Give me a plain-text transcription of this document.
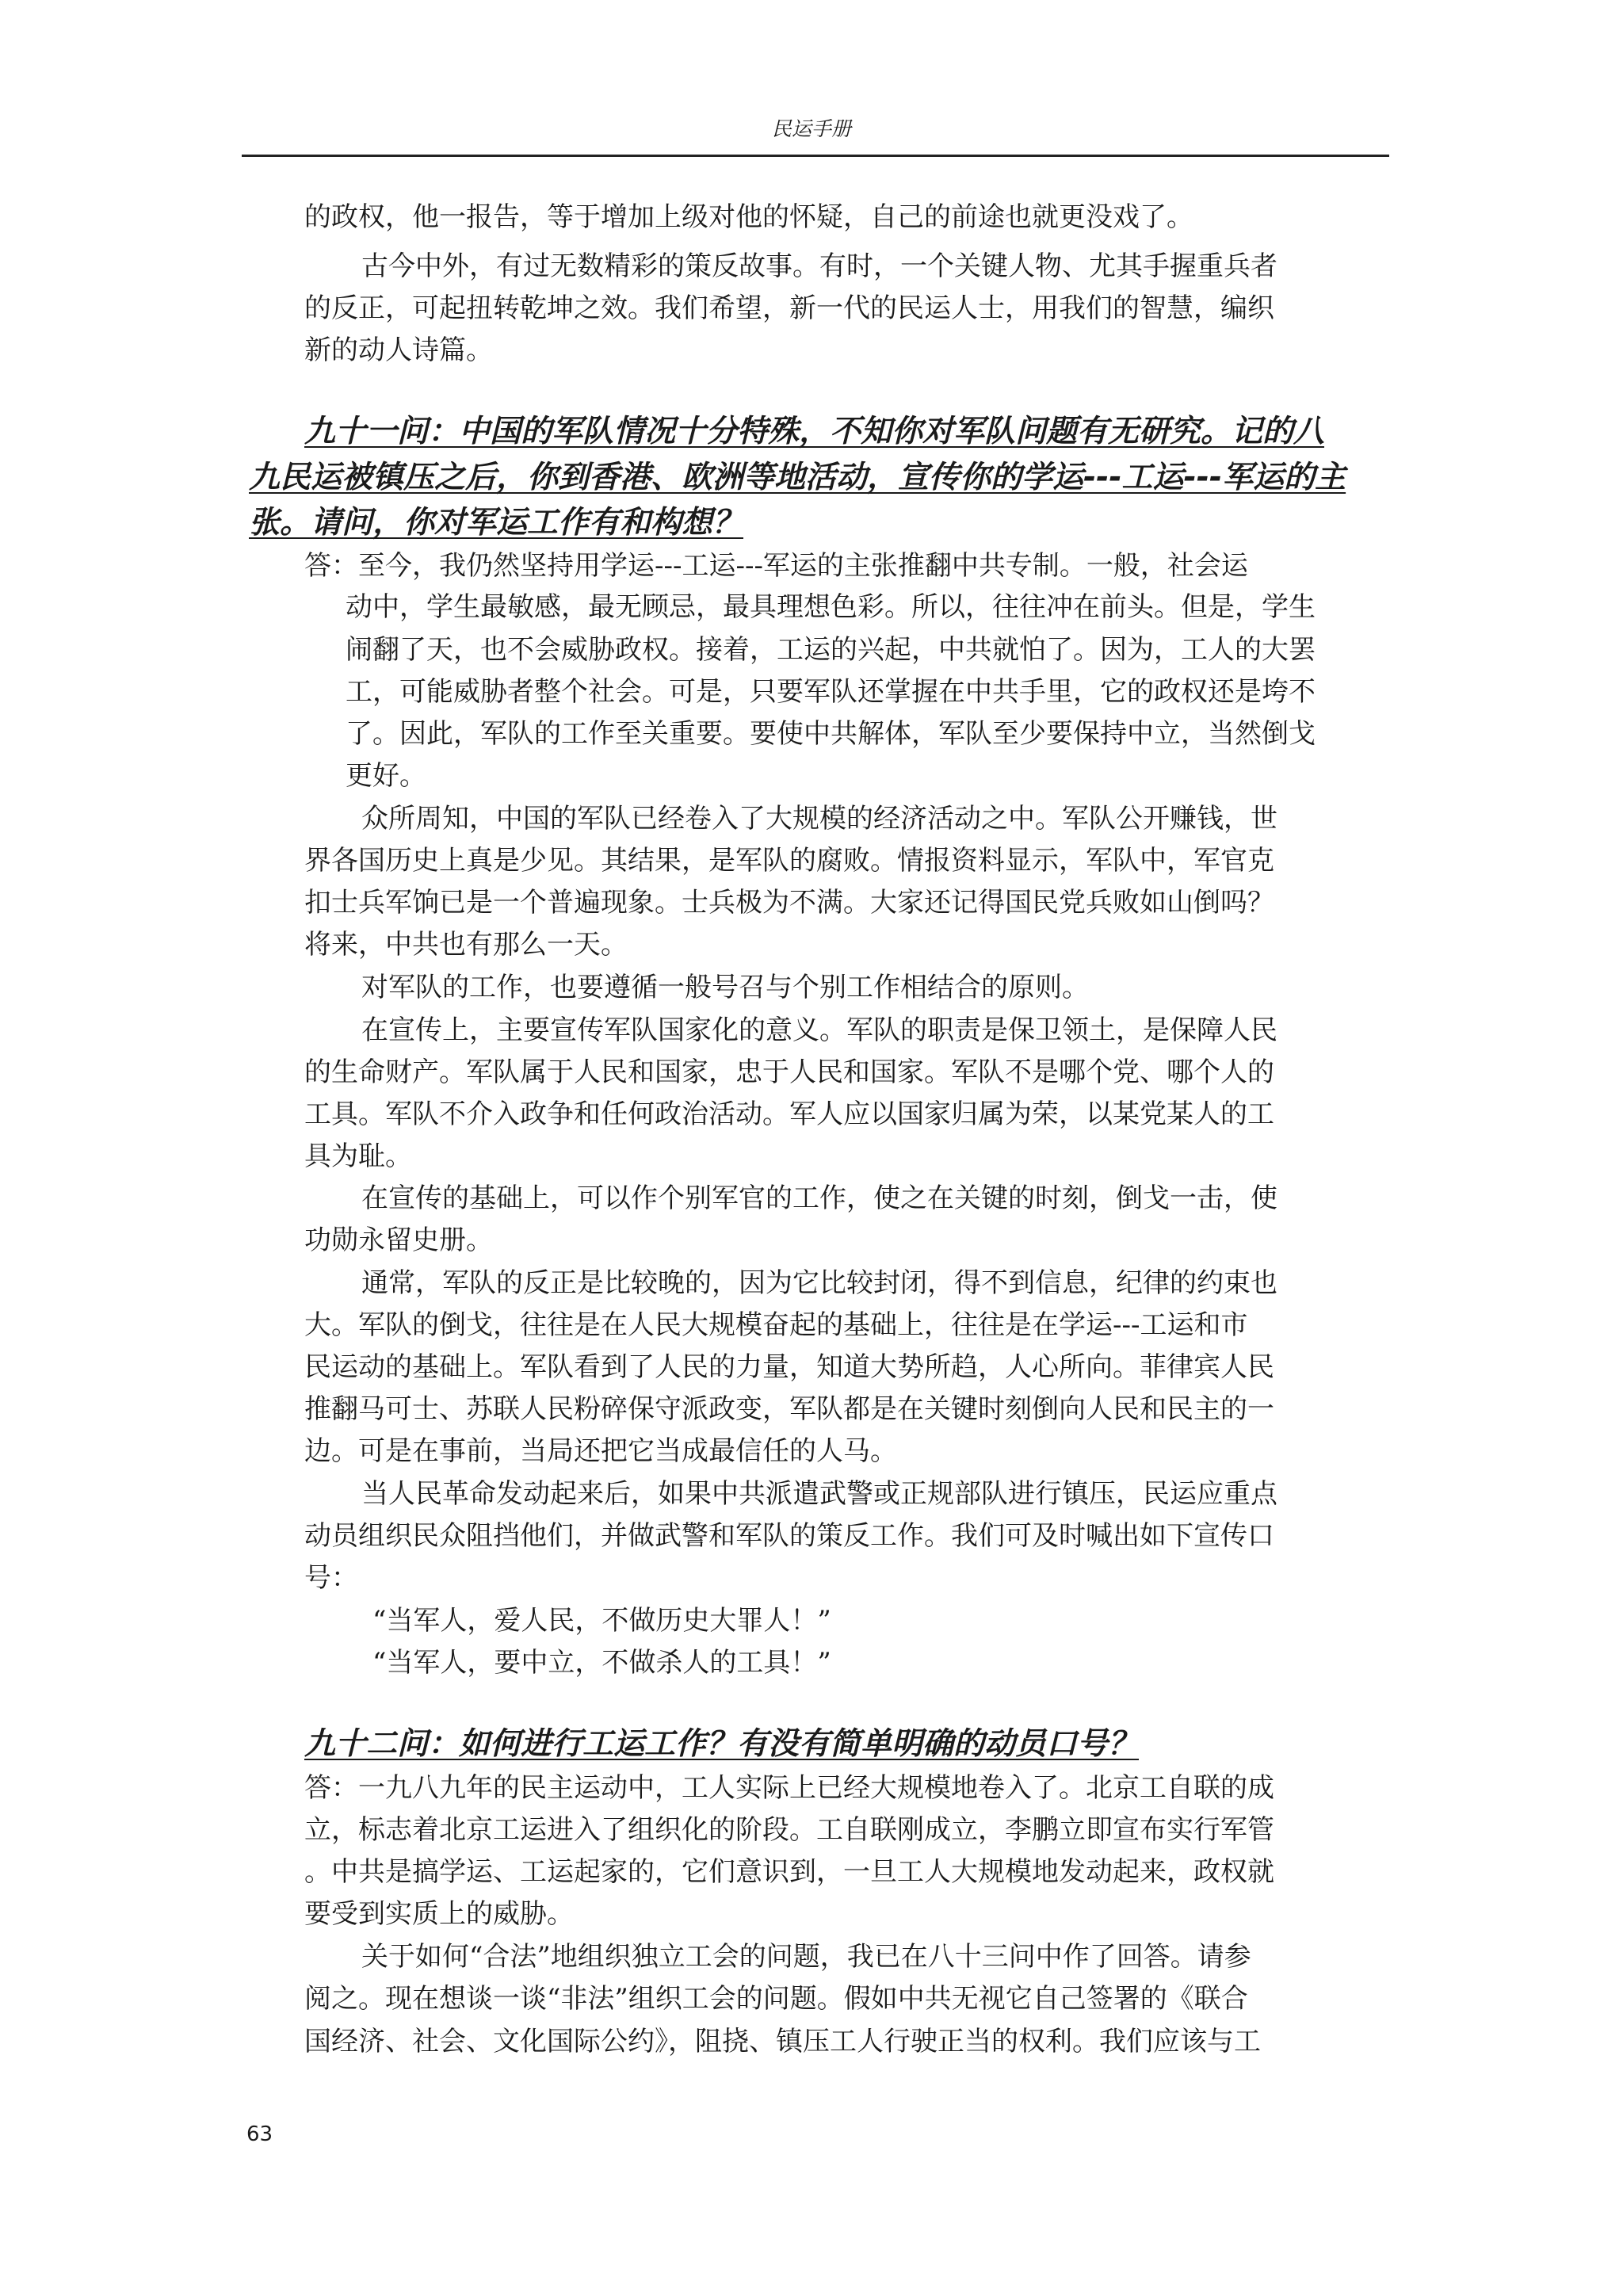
民运手册
的政权，他一报告，等于增加上级对他的怀疑，自己的前途也就更没戏了。
古今中外，有过无数精彩的策反故事。有时，一个关键人物、尤其手握重兵者
的反正，可起扭转乾坤之效。我们希望，新一代的民运人士，用我们的智慧，编织
新的动人诗篇。
九十一问：中国的军队情况十分特殊，不知你对军队问题有无研究。记的八
九民运被镇压之后，你到香港、欧洲等地活动，宣传你的学运---工运---军运的主
张。请问，你对军运工作有和构想？
答：至今，我仍然坚持用学运---工运---军运的主张推翻中共专制。一般，社会运
动中，学生最敏感，最无顾忌，最具理想色彩。所以，往往冲在前头。但是，学生
闹翻了天，也不会威胁政权。接着，工运的兴起，中共就怕了。因为，工人的大罢
工，可能威胁者整个社会。可是，只要军队还掌握在中共手里，它的政权还是垮不
了。因此，军队的工作至关重要。要使中共解体，军队至少要保持中立，当然倒戈
更好。
众所周知，中国的军队已经卷入了大规模的经济活动之中。军队公开赚钱，世
界各国历史上真是少见。其结果，是军队的腐败。情报资料显示，军队中，军官克
扣士兵军饷已是一个普遍现象。士兵极为不满。大家还记得国民党兵败如山倒吗？
将来，中共也有那么一天。
对军队的工作，也要遵循一般号召与个别工作相结合的原则。
在宣传上，主要宣传军队国家化的意义。军队的职责是保卫领土，是保障人民
的生命财产。军队属于人民和国家，忠于人民和国家。军队不是哪个党、哪个人的
工具。军队不介入政争和任何政治活动。军人应以国家归属为荣，以某党某人的工
具为耻。
在宣传的基础上，可以作个别军官的工作，使之在关键的时刻，倒戈一击，使
功勋永留史册。
通常，军队的反正是比较晚的，因为它比较封闭，得不到信息，纪律的约束也
大。军队的倒戈，往往是在人民大规模奋起的基础上，往往是在学运---工运和市
民运动的基础上。军队看到了人民的力量，知道大势所趋，人心所向。菲律宾人民
推翻马可士、苏联人民粉碎保守派政变，军队都是在关键时刻倒向人民和民主的一
边。可是在事前，当局还把它当成最信任的人马。
当人民革命发动起来后，如果中共派遣武警或正规部队进行镇压，民运应重点
动员组织民众阻挡他们，并做武警和军队的策反工作。我们可及时喊出如下宣传口
号：
“当军人，爱人民，不做历史大罪人！”
“当军人，要中立，不做杀人的工具！”
九十二问：如何进行工运工作？有没有简单明确的动员口号？
答：一九八九年的民主运动中，工人实际上已经大规模地卷入了。北京工自联的成
立，标志着北京工运进入了组织化的阶段。工自联刚成立，李鹏立即宣布实行军管
。中共是搞学运、工运起家的，它们意识到，一旦工人大规模地发动起来，政权就
要受到实质上的威胁。
关于如何“合法”地组织独立工会的问题，我已在八十三问中作了回答。请参
阅之。现在想谈一谈“非法”组织工会的问题。假如中共无视它自己签署的《联合
国经济、社会、文化国际公约》，阻挠、镇压工人行驶正当的权利。我们应该与工
63
